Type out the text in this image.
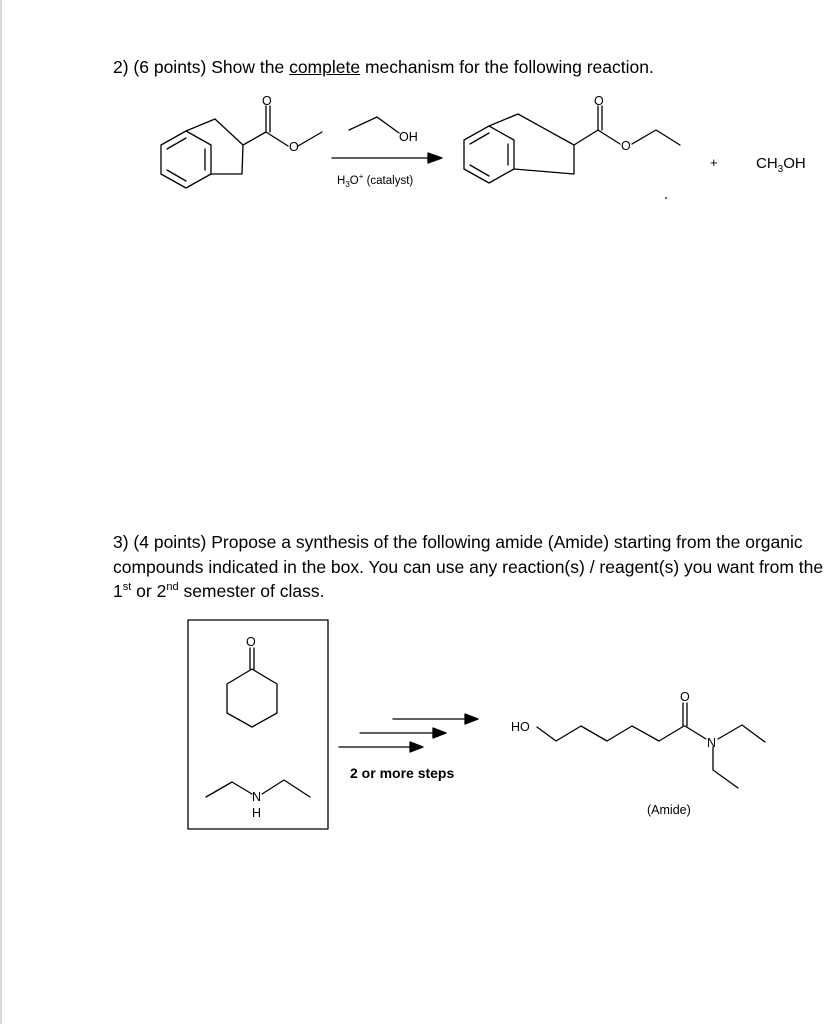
2) (6 points) Show the complete mechanism for the following reaction.

3) (4 points) Propose a synthesis of the following amide (Amide) starting from the organic compounds indicated in the box. You can use any reaction(s) / reagent(s) you want from the 1st or 2nd semester of class.

O
O
OH
$H_3O^+$ (catalyst)
O
O
+	$CH_3OH$
O
N
H
2 or more steps
HO
O
N
(Amide)
